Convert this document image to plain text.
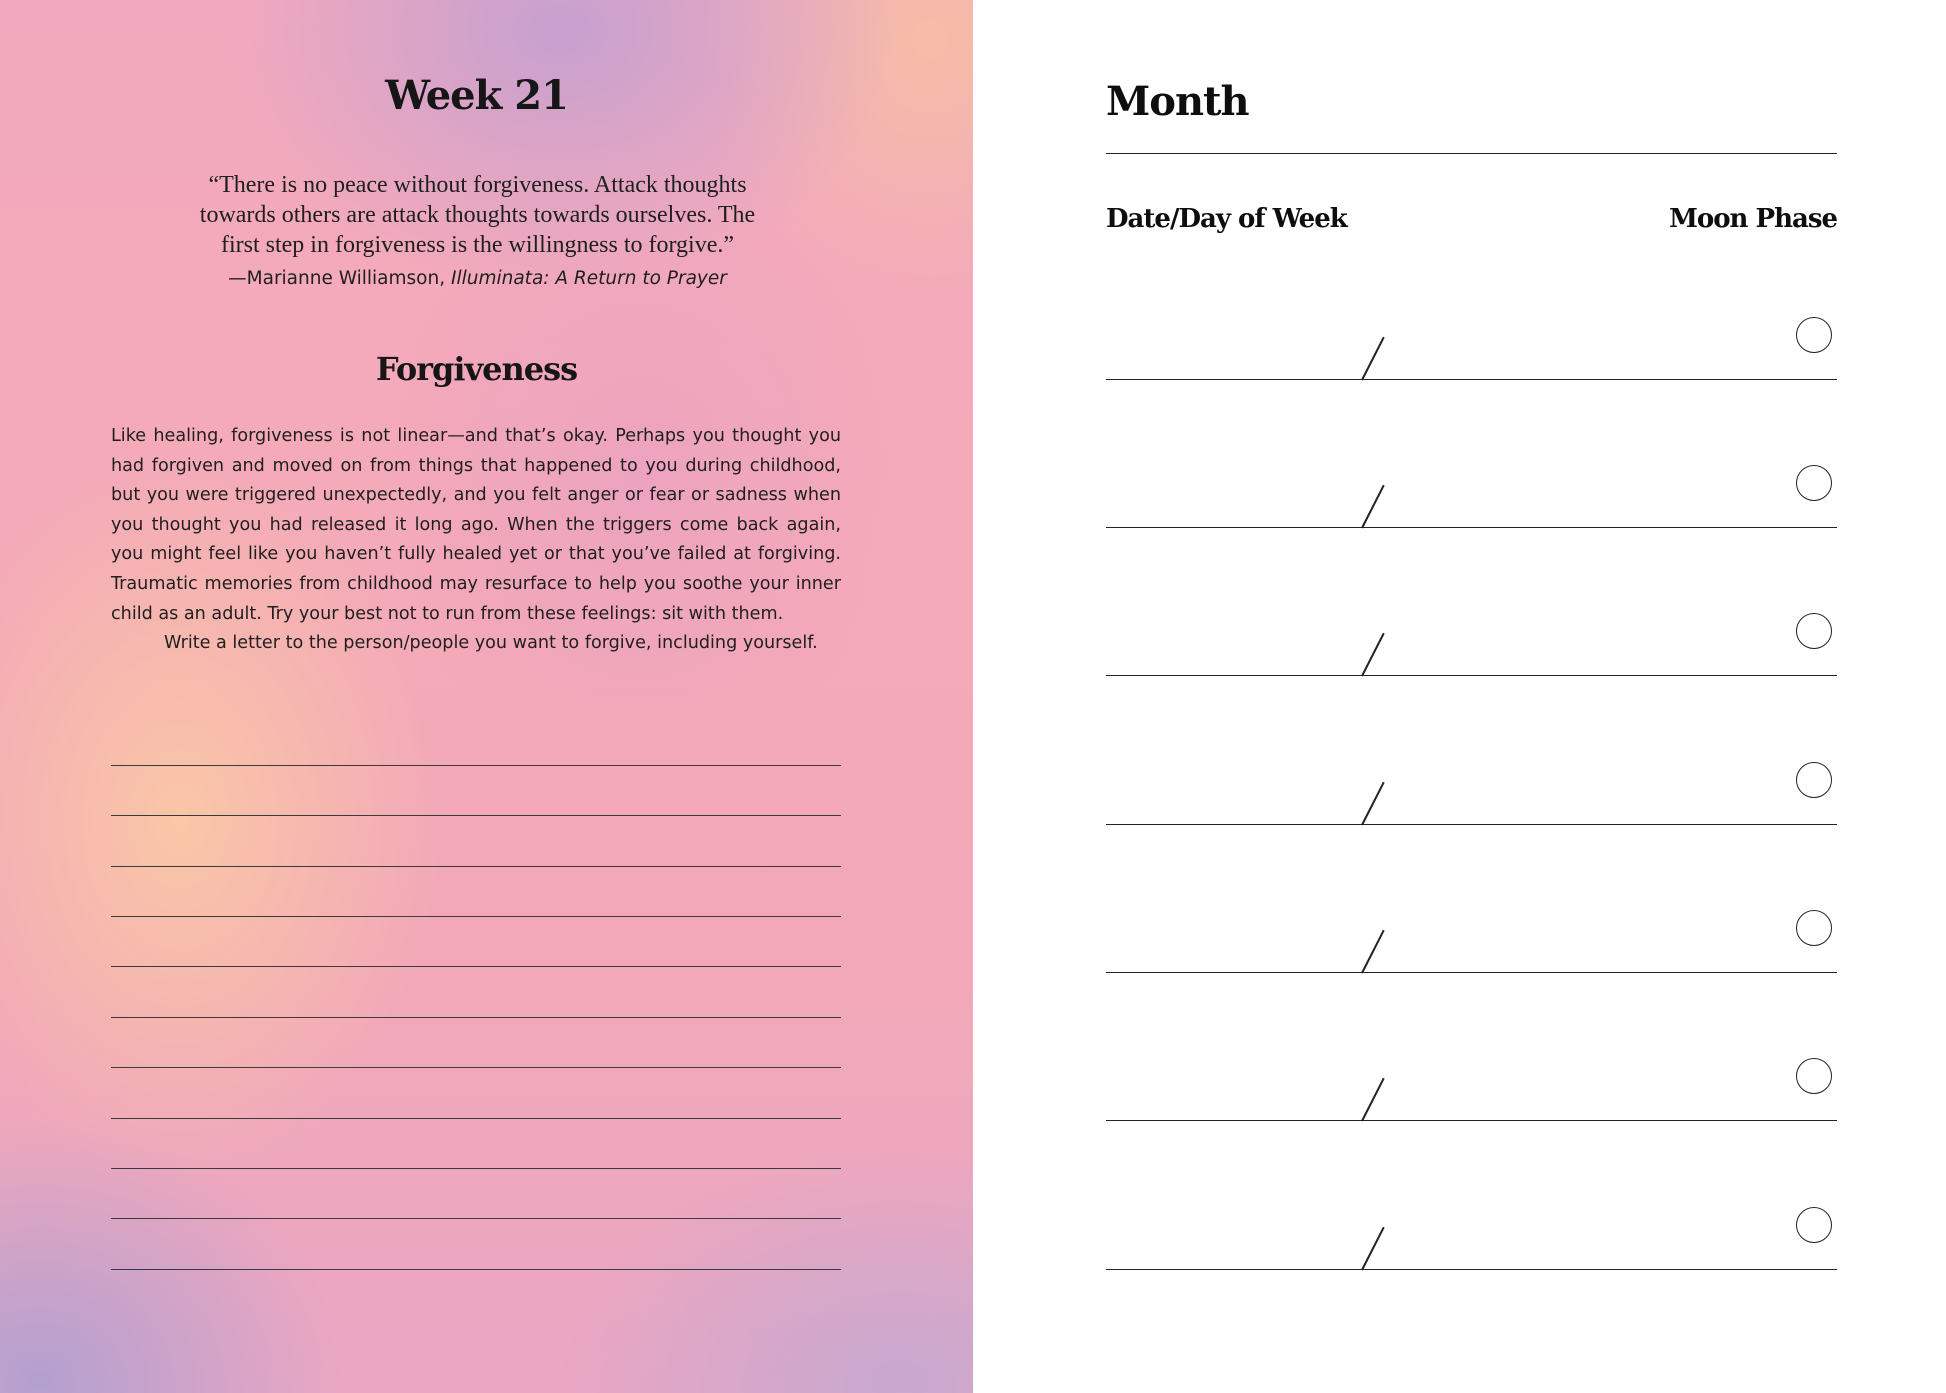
Week 21

“There is no peace without forgiveness. Attack thoughts towards others are attack thoughts towards ourselves. The first step in forgiveness is the willingness to forgive.”

—Marianne Williamson, Illuminata: A Return to Prayer

Forgiveness

Like healing, forgiveness is not linear—and that’s okay. Perhaps you thought you had forgiven and moved on from things that happened to you during childhood, but you were triggered unexpectedly, and you felt anger or fear or sadness when you thought you had released it long ago. When the triggers come back again, you might feel like you haven’t fully healed yet or that you’ve failed at forgiving. Traumatic memories from childhood may resurface to help you soothe your inner child as an adult. Try your best not to run from these feelings: sit with them.

Write a letter to the person/people you want to forgive, including yourself.

Month
Date/Day of Week	Moon Phase
